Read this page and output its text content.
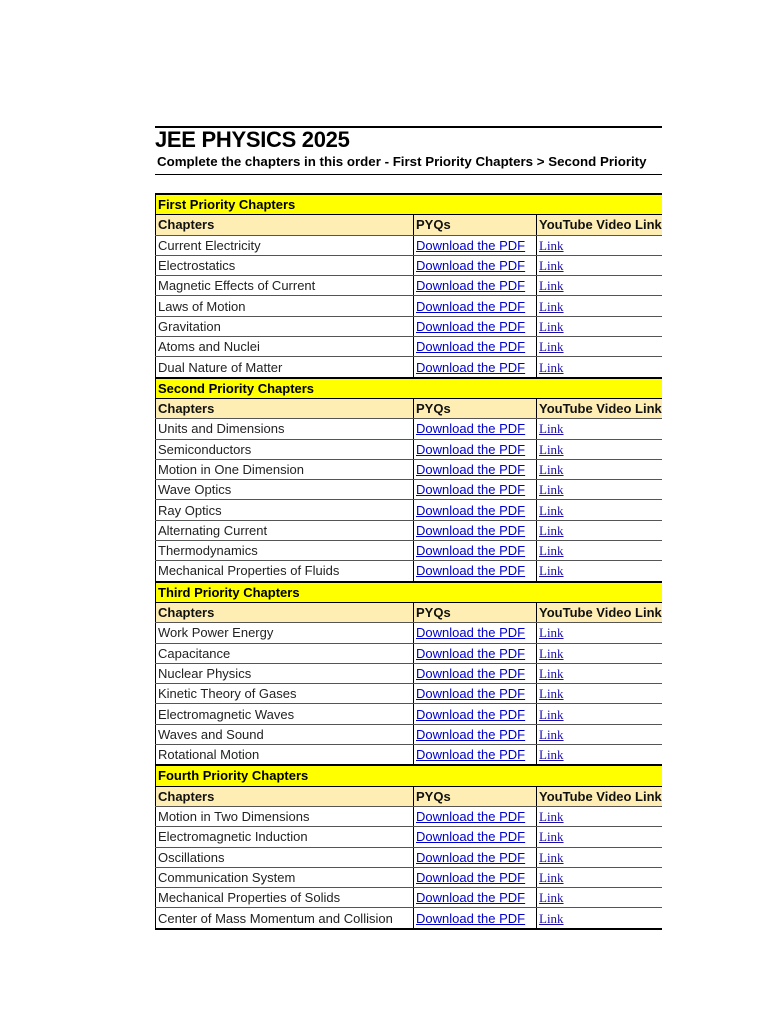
JEE PHYSICS 2025
Complete the chapters in this order - First Priority Chapters > Second Priority
First Priority Chapters		
Chapters	PYQs	YouTube Video Link
Current Electricity	Download the PDF	Link
Electrostatics	Download the PDF	Link
Magnetic Effects of Current	Download the PDF	Link
Laws of Motion	Download the PDF	Link
Gravitation	Download the PDF	Link
Atoms and Nuclei	Download the PDF	Link
Dual Nature of Matter	Download the PDF	Link
Second Priority Chapters		
Chapters	PYQs	YouTube Video Link
Units and Dimensions	Download the PDF	Link
Semiconductors	Download the PDF	Link
Motion in One Dimension	Download the PDF	Link
Wave Optics	Download the PDF	Link
Ray Optics	Download the PDF	Link
Alternating Current	Download the PDF	Link
Thermodynamics	Download the PDF	Link
Mechanical Properties of Fluids	Download the PDF	Link
Third Priority Chapters		
Chapters	PYQs	YouTube Video Link
Work Power Energy	Download the PDF	Link
Capacitance	Download the PDF	Link
Nuclear Physics	Download the PDF	Link
Kinetic Theory of Gases	Download the PDF	Link
Electromagnetic Waves	Download the PDF	Link
Waves and Sound	Download the PDF	Link
Rotational Motion	Download the PDF	Link
Fourth Priority Chapters		
Chapters	PYQs	YouTube Video Link
Motion in Two Dimensions	Download the PDF	Link
Electromagnetic Induction	Download the PDF	Link
Oscillations	Download the PDF	Link
Communication System	Download the PDF	Link
Mechanical Properties of Solids	Download the PDF	Link
Center of Mass Momentum and Collision	Download the PDF	Link
